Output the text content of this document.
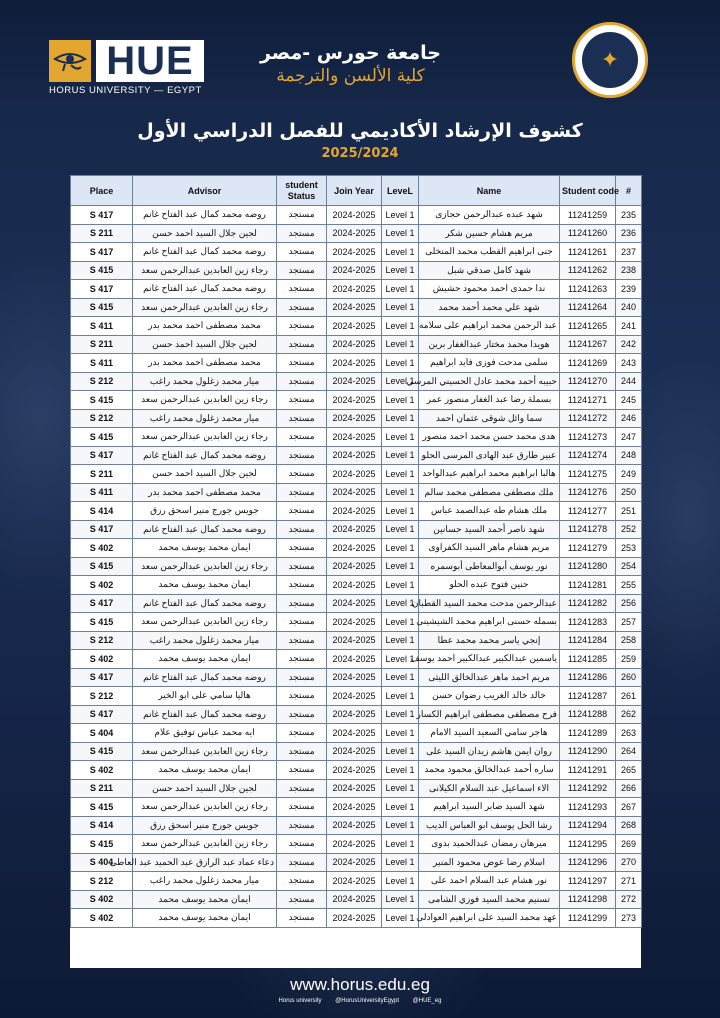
HUE
HORUS UNIVERSITY — EGYPT
جامعة حورس -مصر
كلية الألسن والترجمة
✦
كشوف الإرشاد الأكاديمي للفصل الدراسي الأول
2025/2024
Place	Advisor	student Status	Join Year	LeveL	Name	Student code	#
S 417	روضه محمد كمال عبد الفتاح غانم	مستجد	2024-2025	Level 1	شهد عبده عبدالرحمن حجازى	11241259	235
S 211	لجين جلال السيد احمد حسن	مستجد	2024-2025	Level 1	مريم هشام حسين شكر	11241260	236
S 417	روضه محمد كمال عبد الفتاح غانم	مستجد	2024-2025	Level 1	جنى ابراهيم القطب محمد المنخلى	11241261	237
S 415	رجاء زين العابدين عبدالرحمن سعد	مستجد	2024-2025	Level 1	شهد كامل صدقي شبل	11241262	238
S 417	روضه محمد كمال عبد الفتاح غانم	مستجد	2024-2025	Level 1	ندا حمدى احمد محمود حشيش	11241263	239
S 415	رجاء زين العابدين عبدالرحمن سعد	مستجد	2024-2025	Level 1	شهد علي محمد أحمد محمد	11241264	240
S 411	محمد مصطفى احمد محمد بدر	مستجد	2024-2025	Level 1	عبد الرحمن محمد ابراهيم على سلامه	11241265	241
S 211	لجين جلال السيد احمد حسن	مستجد	2024-2025	Level 1	هويدا محمد مختار عبدالغفار برين	11241267	242
S 411	محمد مصطفى احمد محمد بدر	مستجد	2024-2025	Level 1	سلمى مدحت فوزى فايد ابراهيم	11241269	243
S 212	ميار محمد زغلول محمد راغب	مستجد	2024-2025	Level 1	حبيبه أحمد محمد عادل الحسيني المرسي	11241270	244
S 415	رجاء زين العابدين عبدالرحمن سعد	مستجد	2024-2025	Level 1	بسملة رضا عبد الغفار منصور عمر	11241271	245
S 212	ميار محمد زغلول محمد راغب	مستجد	2024-2025	Level 1	سما وائل شوقى عثمان احمد	11241272	246
S 415	رجاء زين العابدين عبدالرحمن سعد	مستجد	2024-2025	Level 1	هدى محمد حسن محمد احمد منصور	11241273	247
S 417	روضه محمد كمال عبد الفتاح غانم	مستجد	2024-2025	Level 1	عبير طارق عبد الهادى المرسى الحلو	11241274	248
S 211	لجين جلال السيد احمد حسن	مستجد	2024-2025	Level 1	هالبا ابراهيم محمد ابراهيم عبدالواحد	11241275	249
S 411	محمد مصطفى احمد محمد بدر	مستجد	2024-2025	Level 1	ملك مصطفى مصطفى محمد سالم	11241276	250
S 414	جويس جورج منير اسحق رزق	مستجد	2024-2025	Level 1	ملك هشام طه عبدالصمد عباس	11241277	251
S 417	روضه محمد كمال عبد الفتاح غانم	مستجد	2024-2025	Level 1	شهد ناصر أحمد السيد حسانين	11241278	252
S 402	ايمان محمد يوسف محمد	مستجد	2024-2025	Level 1	مريم هشام ماهر السيد الكفراوى	11241279	253
S 415	رجاء زين العابدين عبدالرحمن سعد	مستجد	2024-2025	Level 1	نور يوسف أبوالمعاطى أبوسمره	11241280	254
S 402	ايمان محمد يوسف محمد	مستجد	2024-2025	Level 1	حنين فتوح عبده الحلو	11241281	255
S 417	روضه محمد كمال عبد الفتاح غانم	مستجد	2024-2025	Level 1	عبدالرحمن مدحت محمد السيد القطبان	11241282	256
S 415	رجاء زين العابدين عبدالرحمن سعد	مستجد	2024-2025	Level 1	بسمله حسنى ابراهيم محمد الشيشينى	11241283	257
S 212	ميار محمد زغلول محمد راغب	مستجد	2024-2025	Level 1	إنجي ياسر محمد محمد عطا	11241284	258
S 402	ايمان محمد يوسف محمد	مستجد	2024-2025	Level 1	ياسمين عبدالكبير عبدالكبير احمد يوسف	11241285	259
S 417	روضه محمد كمال عبد الفتاح غانم	مستجد	2024-2025	Level 1	مريم احمد ماهر عبدالخالق الليثى	11241286	260
S 212	هاليا سامي على ابو الخير	مستجد	2024-2025	Level 1	خالد خالد الغريب رضوان حسن	11241287	261
S 417	روضه محمد كمال عبد الفتاح غانم	مستجد	2024-2025	Level 1	فرح مصطفى مصطفى ابراهيم الكسار	11241288	262
S 404	ايه محمد عباس توفيق علام	مستجد	2024-2025	Level 1	هاجر سامي السعيد السيد الامام	11241289	263
S 415	رجاء زين العابدين عبدالرحمن سعد	مستجد	2024-2025	Level 1	روان ايمن هاشم زيدان السيد على	11241290	264
S 402	ايمان محمد يوسف محمد	مستجد	2024-2025	Level 1	ساره أحمد عبدالخالق محمود محمد	11241291	265
S 211	لجين جلال السيد احمد حسن	مستجد	2024-2025	Level 1	الاء اسماعيل عبد السلام الكيلانى	11241292	266
S 415	رجاء زين العابدين عبدالرحمن سعد	مستجد	2024-2025	Level 1	شهد السيد صابر السيد ابراهيم	11241293	267
S 414	جويس جورج منير اسحق رزق	مستجد	2024-2025	Level 1	رشا الحل يوسف ابو العباس الديب	11241294	268
S 415	رجاء زين العابدين عبدالرحمن سعد	مستجد	2024-2025	Level 1	ميرهان رمضان عبدالحميد بدوى	11241295	269
S 404	دعاء عماد عبد الرازق عبد الحميد عبد العاطى	مستجد	2024-2025	Level 1	اسلام رضا عوض محمود المنير	11241296	270
S 212	ميار محمد زغلول محمد راغب	مستجد	2024-2025	Level 1	نور هشام عبد السلام احمد على	11241297	271
S 402	ايمان محمد يوسف محمد	مستجد	2024-2025	Level 1	تسنيم محمد السيد فوزي الشامى	11241298	272
S 402	ايمان محمد يوسف محمد	مستجد	2024-2025	Level 1	عهد محمد السيد على ابراهيم العوادلى	11241299	273
www.horus.edu.eg
Horus university @HorusUniversityEgypt @HUE_eg
